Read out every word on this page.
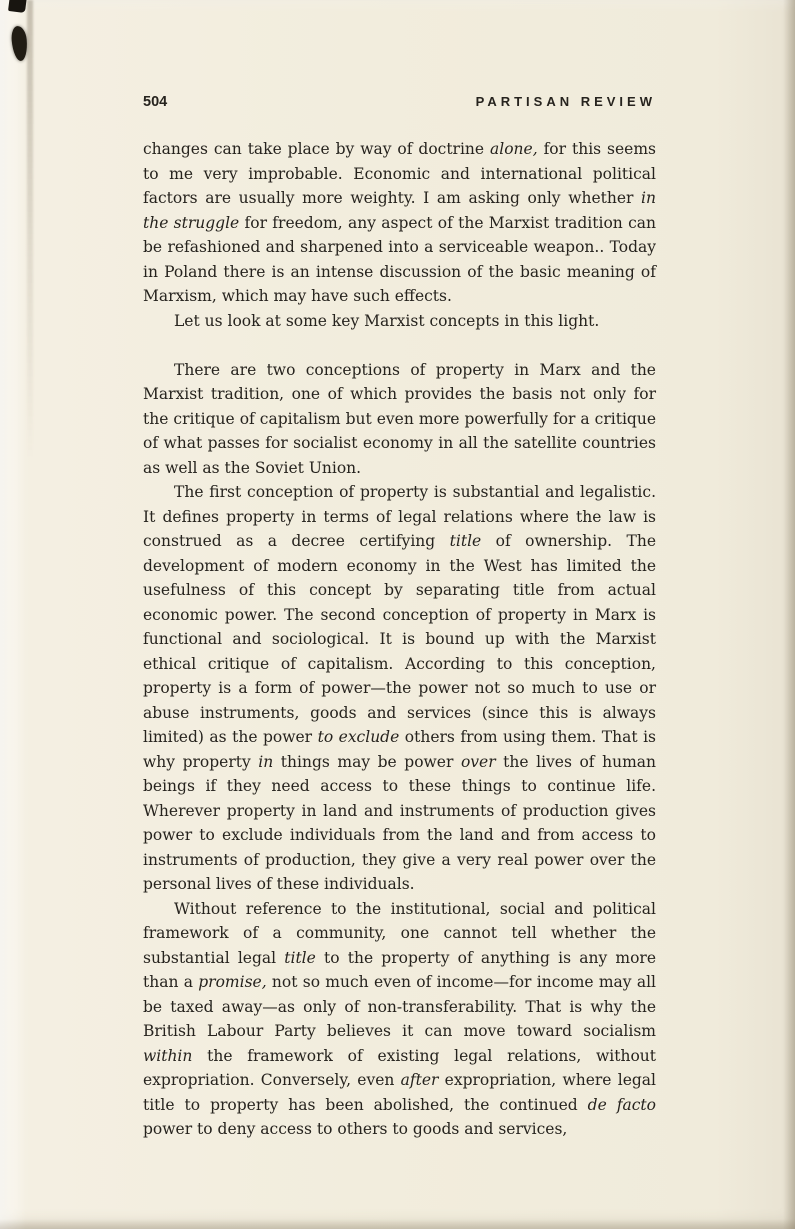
504	PARTISAN REVIEW

changes can take place by way of doctrine alone, for this seems to me very improbable. Economic and international political factors are usually more weighty. I am asking only whether in the struggle for freedom, any aspect of the Marxist tradition can be refashioned and sharpened into a serviceable weapon.. Today in Poland there is an intense discussion of the basic meaning of Marxism, which may have such effects.

Let us look at some key Marxist concepts in this light.

There are two conceptions of property in Marx and the Marxist tradition, one of which provides the basis not only for the critique of capitalism but even more powerfully for a critique of what passes for socialist economy in all the satellite countries as well as the Soviet Union.

The first conception of property is substantial and legalistic. It defines property in terms of legal relations where the law is construed as a decree certifying title of ownership. The development of modern economy in the West has limited the usefulness of this concept by separating title from actual economic power. The second conception of property in Marx is functional and sociological. It is bound up with the Marxist ethical critique of capitalism. According to this conception, property is a form of power—the power not so much to use or abuse instruments, goods and services (since this is always limited) as the power to exclude others from using them. That is why property in things may be power over the lives of human beings if they need access to these things to continue life. Wherever property in land and instruments of production gives power to exclude individuals from the land and from access to instruments of production, they give a very real power over the personal lives of these individuals.

Without reference to the institutional, social and political framework of a community, one cannot tell whether the substantial legal title to the property of anything is any more than a promise, not so much even of income—for income may all be taxed away—as only of non-transferability. That is why the British Labour Party believes it can move toward socialism within the framework of existing legal relations, without expropriation. Conversely, even after expropriation, where legal title to property has been abolished, the continued de facto power to deny access to others to goods and services,
